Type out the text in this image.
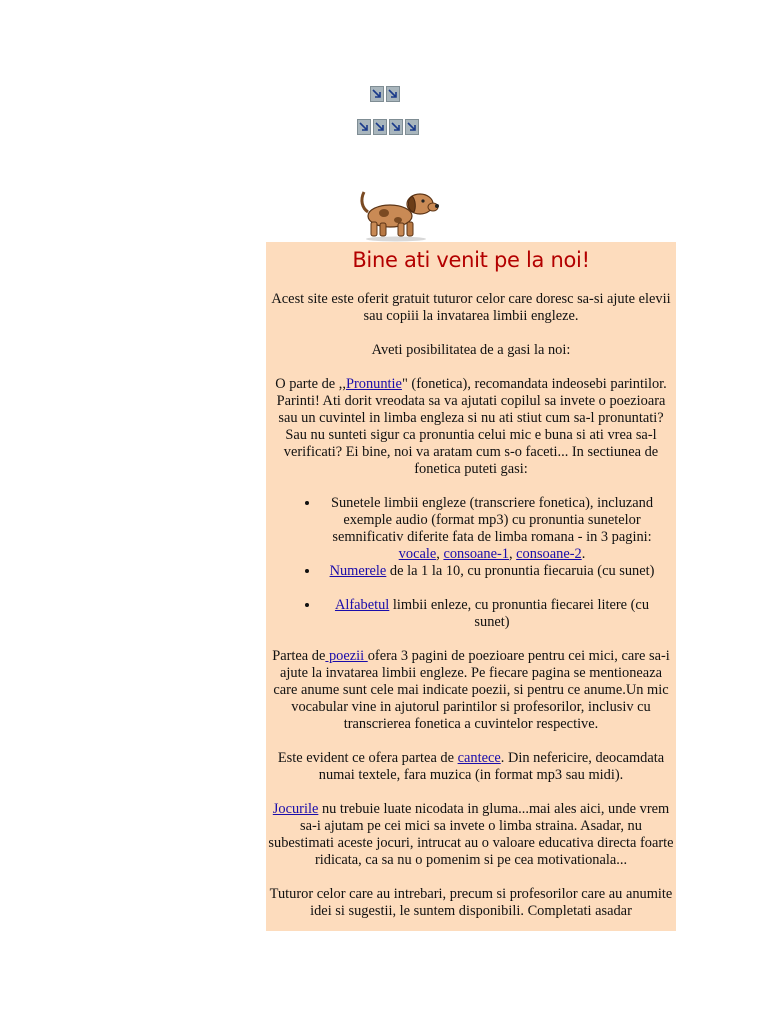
Bine ati venit pe la noi!

Acest site este oferit gratuit tuturor celor care doresc sa-si ajute elevii sau copiii la invatarea limbii engleze.

Aveti posibilitatea de a gasi la noi:

O parte de ,,Pronuntie" (fonetica), recomandata indeosebi parintilor. Parinti! Ati dorit vreodata sa va ajutati copilul sa invete o poezioara sau un cuvintel in limba engleza si nu ati stiut cum sa-l pronuntati? Sau nu sunteti sigur ca pronuntia celui mic e buna si ati vrea sa-l verificati? Ei bine, noi va aratam cum s-o faceti... In sectiunea de fonetica puteti gasi:

• Sunetele limbii engleze (transcriere fonetica), incluzand exemple audio (format mp3) cu pronuntia sunetelor semnificativ diferite fata de limba romana - in 3 pagini: vocale, consoane-1, consoane-2.
• Numerele de la 1 la 10, cu pronuntia fiecaruia (cu sunet)
• Alfabetul limbii enleze, cu pronuntia fiecarei litere (cu sunet)

Partea de poezii ofera 3 pagini de poezioare pentru cei mici, care sa-i ajute la invatarea limbii engleze. Pe fiecare pagina se mentioneaza care anume sunt cele mai indicate poezii, si pentru ce anume.Un mic vocabular vine in ajutorul parintilor si profesorilor, inclusiv cu transcrierea fonetica a cuvintelor respective.

Este evident ce ofera partea de cantece. Din nefericire, deocamdata numai textele, fara muzica (in format mp3 sau midi).

Jocurile nu trebuie luate nicodata in gluma...mai ales aici, unde vrem sa-i ajutam pe cei mici sa invete o limba straina. Asadar, nu subestimati aceste jocuri, intrucat au o valoare educativa directa foarte ridicata, ca sa nu o pomenim si pe cea motivationala...

Tuturor celor care au intrebari, precum si profesorilor care au anumite idei si sugestii, le suntem disponibili. Completati asadar
